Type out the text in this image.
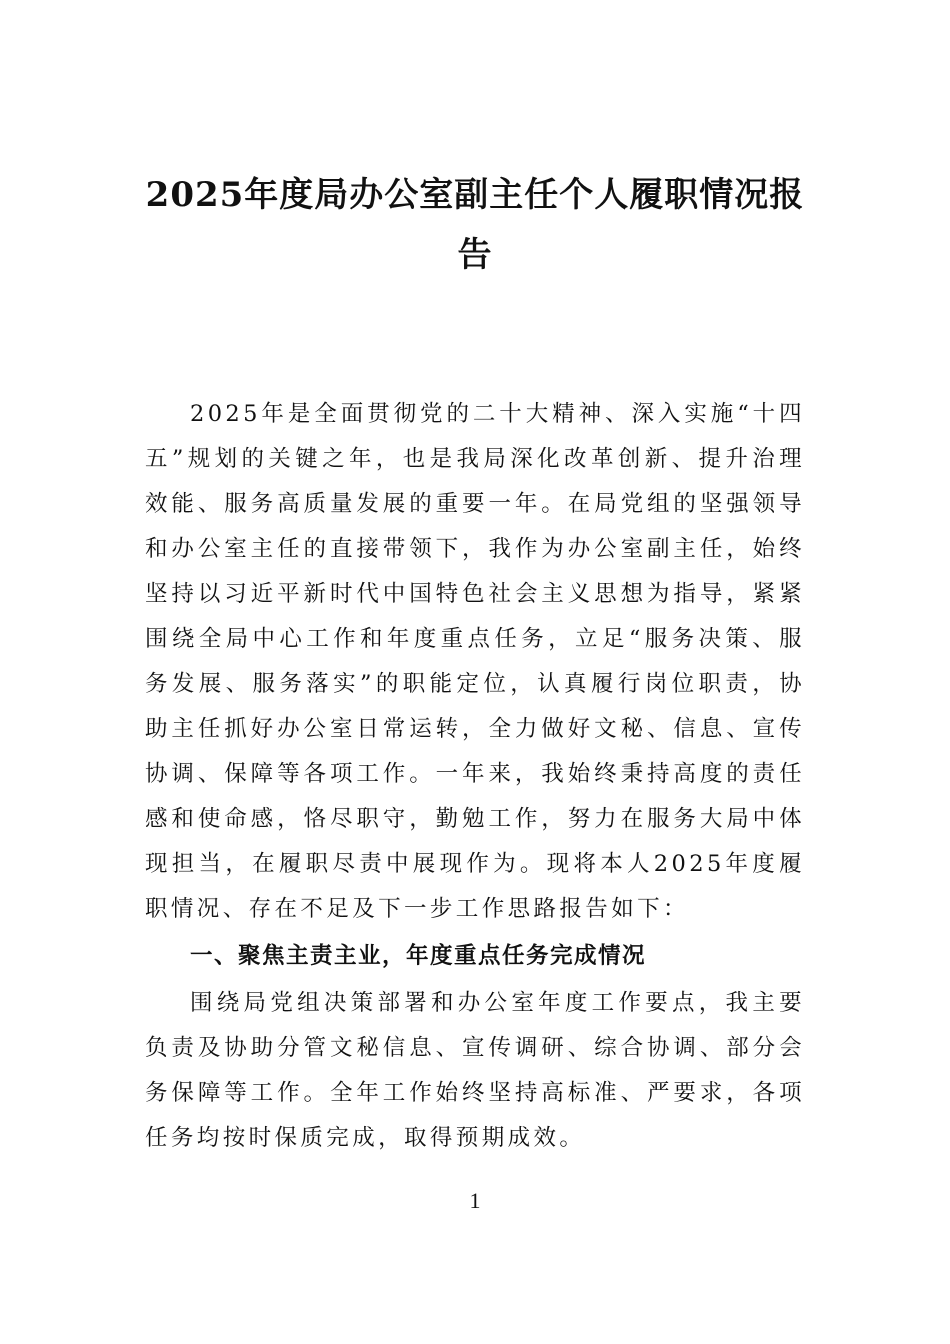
2025年度局办公室副主任个人履职情况报告

2025年是全面贯彻党的二十大精神、深入实施“十四五”规划的关键之年，也是我局深化改革创新、提升治理效能、服务高质量发展的重要一年。在局党组的坚强领导和办公室主任的直接带领下，我作为办公室副主任，始终坚持以习近平新时代中国特色社会主义思想为指导，紧紧围绕全局中心工作和年度重点任务，立足“服务决策、服务发展、服务落实”的职能定位，认真履行岗位职责，协助主任抓好办公室日常运转，全力做好文秘、信息、宣传协调、保障等各项工作。一年来，我始终秉持高度的责任感和使命感，恪尽职守，勤勉工作，努力在服务大局中体现担当，在履职尽责中展现作为。现将本人2025年度履职情况、存在不足及下一步工作思路报告如下：

一、聚焦主责主业，年度重点任务完成情况

围绕局党组决策部署和办公室年度工作要点，我主要负责及协助分管文秘信息、宣传调研、综合协调、部分会务保障等工作。全年工作始终坚持高标准、严要求，各项任务均按时保质完成，取得预期成效。

1
